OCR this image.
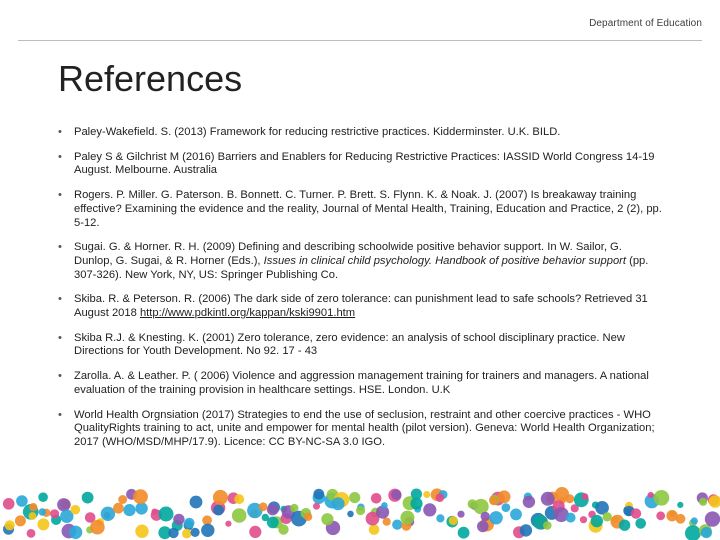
Department of Education
References
• Paley-Wakefield. S. (2013) Framework for reducing restrictive practices. Kidderminster. U.K. BILD.
• Paley S & Gilchrist M (2016) Barriers and Enablers for Reducing Restrictive Practices: IASSID World Congress 14-19 August. Melbourne. Australia
• Rogers. P. Miller. G. Paterson. B. Bonnett. C. Turner. P. Brett. S. Flynn. K. & Noak. J. (2007) Is breakaway training effective? Examining the evidence and the reality, Journal of Mental Health, Training, Education and Practice, 2 (2), pp. 5-12.
• Sugai. G. & Horner. R. H. (2009) Defining and describing schoolwide positive behavior support. In W. Sailor, G. Dunlop, G. Sugai, & R. Horner (Eds.), Issues in clinical child psychology. Handbook of positive behavior support (pp. 307-326). New York, NY, US: Springer Publishing Co.
• Skiba. R. & Peterson. R. (2006) The dark side of zero tolerance: can punishment lead to safe schools? Retrieved 31 August 2018 http://www.pdkintl.org/kappan/kski9901.htm
• Skiba R.J. & Knesting. K. (2001) Zero tolerance, zero evidence: an analysis of school disciplinary practice. New Directions for Youth Development. No 92. 17 - 43
• Zarolla. A. & Leather. P. ( 2006) Violence and aggression management training for trainers and managers. A national evaluation of the training provision in healthcare settings. HSE. London. U.K
• World Health Orgnsiation (2017) Strategies to end the use of seclusion, restraint and other coercive practices - WHO QualityRights training to act, unite and empower for mental health (pilot version). Geneva: World Health Organization; 2017 (WHO/MSD/MHP/17.9). Licence: CC BY-NC-SA 3.0 IGO.
